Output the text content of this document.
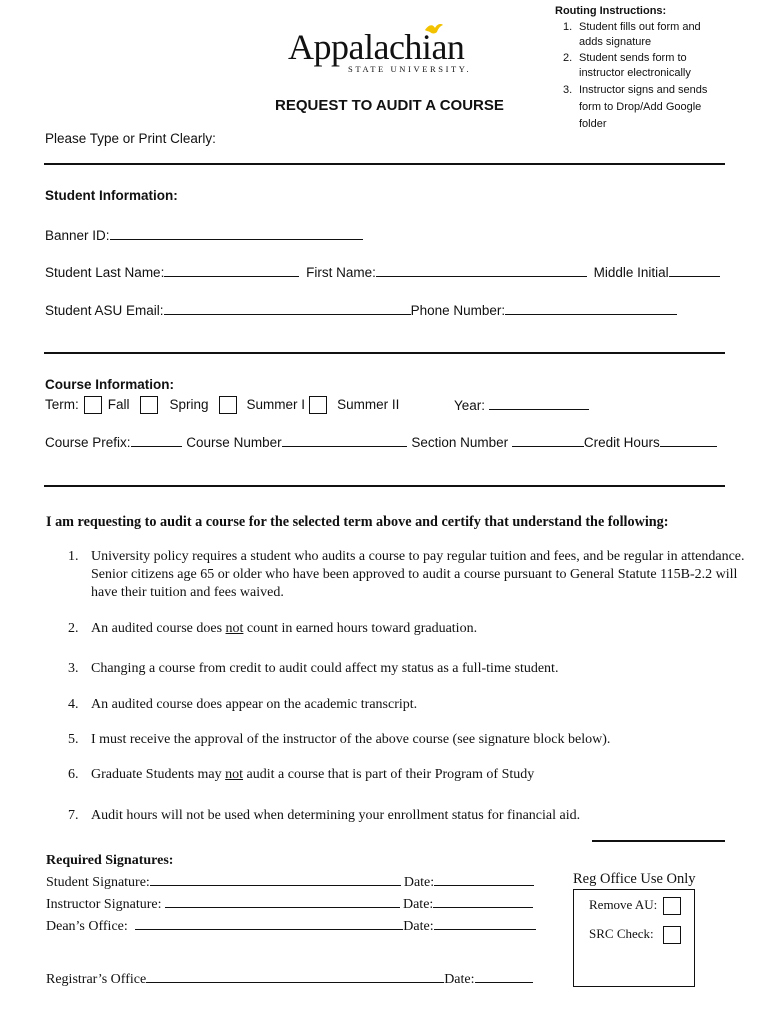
Routing Instructions:
1. Student fills out form and adds signature
2. Student sends form to instructor electronically
3. Instructor signs and sends form to Drop/Add Google folder
Appalachian
STATE UNIVERSITY.
REQUEST TO AUDIT A COURSE
Please Type or Print Clearly:
Student Information:
Banner ID:
Student Last Name:	First Name:	Middle Initial
Student ASU Email:	Phone Number:
Course Information:
Term: Fall	Spring	Summer I Summer II	Year:
Course Prefix:	Course Number	Section Number	Credit Hours
I am requesting to audit a course for the selected term above and certify that understand the following:
1. University policy requires a student who audits a course to pay regular tuition and fees, and be regular in attendance. Senior citizens age 65 or older who have been approved to audit a course pursuant to General Statute 115B-2.2 will have their tuition and fees waived.
2. An audited course does not count in earned hours toward graduation.
3. Changing a course from credit to audit could affect my status as a full-time student.
4. An audited course does appear on the academic transcript.
5. I must receive the approval of the instructor of the above course (see signature block below).
6. Graduate Students may not audit a course that is part of their Program of Study
7. Audit hours will not be used when determining your enrollment status for financial aid.
Required Signatures:
Student Signature:	Date:
Instructor Signature:	Date:
Dean’s Office:	Date:
Registrar’s Office	Date:
Reg Office Use Only
Remove AU:
SRC Check:
